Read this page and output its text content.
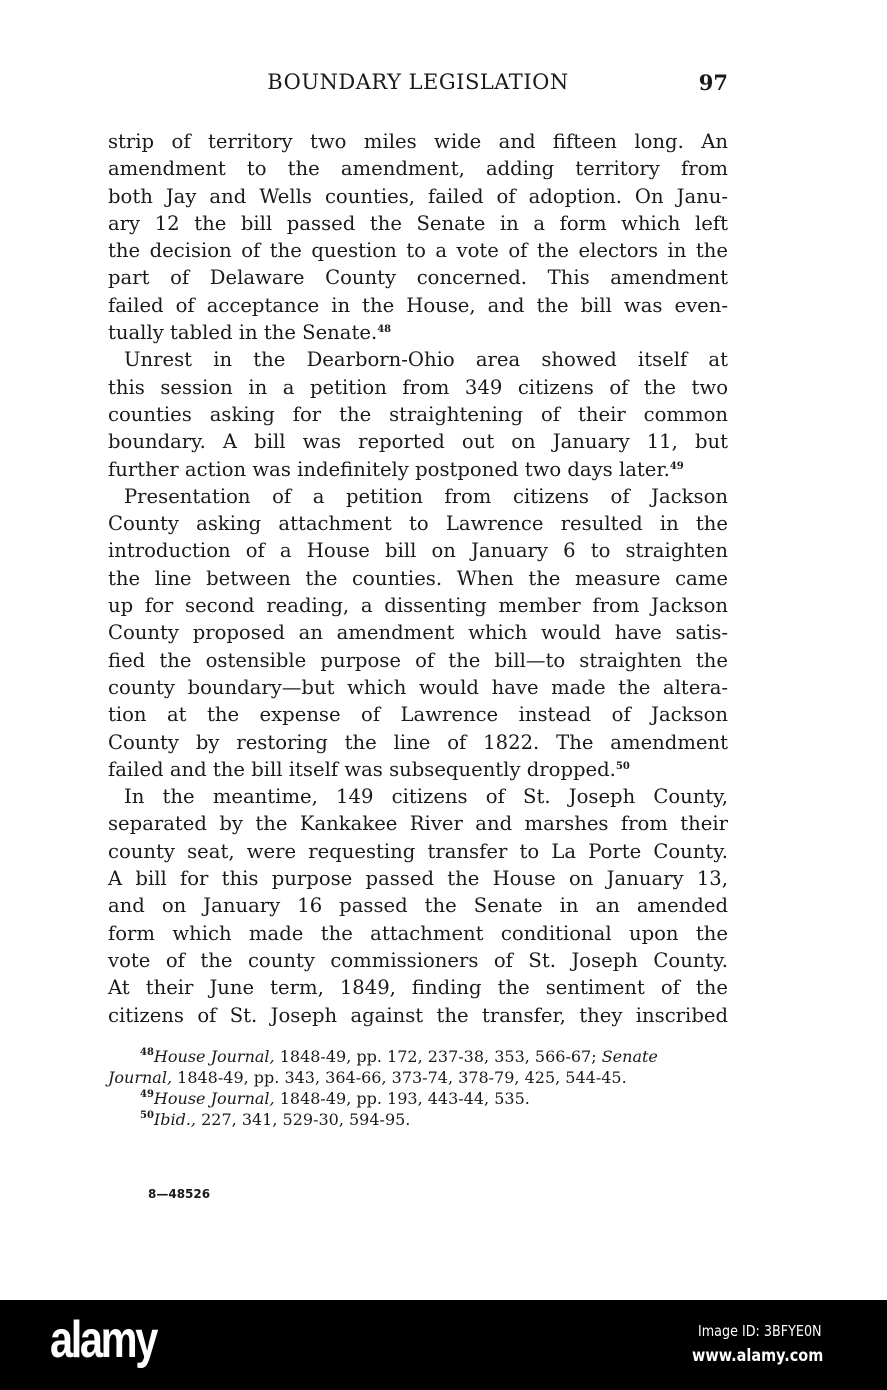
BOUNDARY LEGISLATION	97
strip of territory two miles wide and fifteen long. An
amendment to the amendment, adding territory from
both Jay and Wells counties, failed of adoption. On Janu-
ary 12 the bill passed the Senate in a form which left
the decision of the question to a vote of the electors in the
part of Delaware County concerned. This amendment
failed of acceptance in the House, and the bill was even-
tually tabled in the Senate.$^{48}$
Unrest in the Dearborn-Ohio area showed itself at
this session in a petition from 349 citizens of the two
counties asking for the straightening of their common
boundary. A bill was reported out on January 11, but
further action was indefinitely postponed two days later.$^{49}$
Presentation of a petition from citizens of Jackson
County asking attachment to Lawrence resulted in the
introduction of a House bill on January 6 to straighten
the line between the counties. When the measure came
up for second reading, a dissenting member from Jackson
County proposed an amendment which would have satis-
fied the ostensible purpose of the bill—to straighten the
county boundary—but which would have made the altera-
tion at the expense of Lawrence instead of Jackson
County by restoring the line of 1822. The amendment
failed and the bill itself was subsequently dropped.$^{50}$
In the meantime, 149 citizens of St. Joseph County,
separated by the Kankakee River and marshes from their
county seat, were requesting transfer to La Porte County.
A bill for this purpose passed the House on January 13,
and on January 16 passed the Senate in an amended
form which made the attachment conditional upon the
vote of the county commissioners of St. Joseph County.
At their June term, 1849, finding the sentiment of the
citizens of St. Joseph against the transfer, they inscribed
$^{48}$House Journal, 1848-49, pp. 172, 237-38, 353, 566-67; Senate
Journal, 1848-49, pp. 343, 364-66, 373-74, 378-79, 425, 544-45.
$^{49}$House Journal, 1848-49, pp. 193, 443-44, 535.
$^{50}$Ibid., 227, 341, 529-30, 594-95.
8—48526
alamy	Image ID: 3BFYE0N
www.alamy.com
